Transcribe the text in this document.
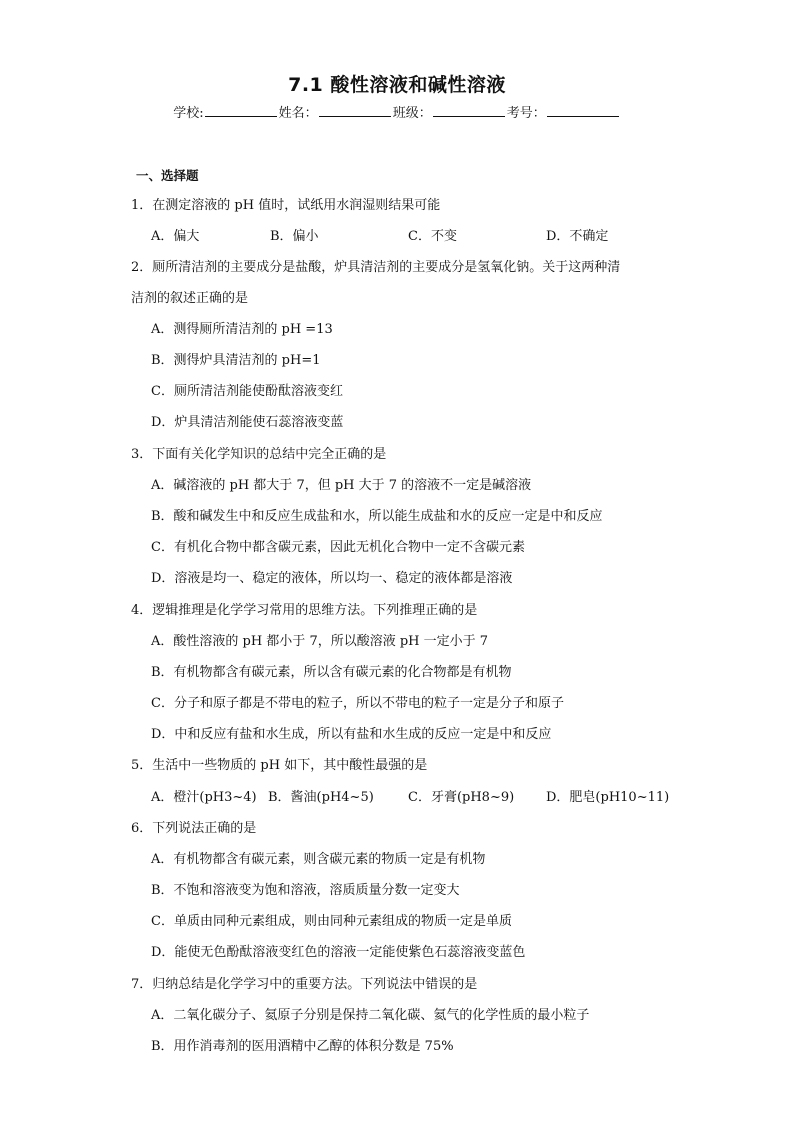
7.1 酸性溶液和碱性溶液
学校:	姓名：	班级：	考号：
一、选择题
1．在测定溶液的 pH 值时，试纸用水润湿则结果可能
A．偏大	B．偏小	C．不变	D．不确定
2．厕所清洁剂的主要成分是盐酸，炉具清洁剂的主要成分是氢氧化钠。关于这两种清
洁剂的叙述正确的是
A．测得厕所清洁剂的 pH =13
B．测得炉具清洁剂的 pH=1
C．厕所清洁剂能使酚酞溶液变红
D．炉具清洁剂能使石蕊溶液变蓝
3．下面有关化学知识的总结中完全正确的是
A．碱溶液的 pH 都大于 7，但 pH 大于 7 的溶液不一定是碱溶液
B．酸和碱发生中和反应生成盐和水，所以能生成盐和水的反应一定是中和反应
C．有机化合物中都含碳元素，因此无机化合物中一定不含碳元素
D．溶液是均一、稳定的液体，所以均一、稳定的液体都是溶液
4．逻辑推理是化学学习常用的思维方法。下列推理正确的是
A．酸性溶液的 pH 都小于 7，所以酸溶液 pH 一定小于 7
B．有机物都含有碳元素，所以含有碳元素的化合物都是有机物
C．分子和原子都是不带电的粒子，所以不带电的粒子一定是分子和原子
D．中和反应有盐和水生成，所以有盐和水生成的反应一定是中和反应
5．生活中一些物质的 pH 如下，其中酸性最强的是
A．橙汁(pH3~4) B．酱油(pH4~5)	C．牙膏(pH8~9) D．肥皂(pH10~11)
6．下列说法正确的是
A．有机物都含有碳元素，则含碳元素的物质一定是有机物
B．不饱和溶液变为饱和溶液，溶质质量分数一定变大
C．单质由同种元素组成，则由同种元素组成的物质一定是单质
D．能使无色酚酞溶液变红色的溶液一定能使紫色石蕊溶液变蓝色
7．归纳总结是化学学习中的重要方法。下列说法中错误的是
A．二氧化碳分子、氦原子分别是保持二氧化碳、氦气的化学性质的最小粒子
B．用作消毒剂的医用酒精中乙醇的体积分数是 75%
